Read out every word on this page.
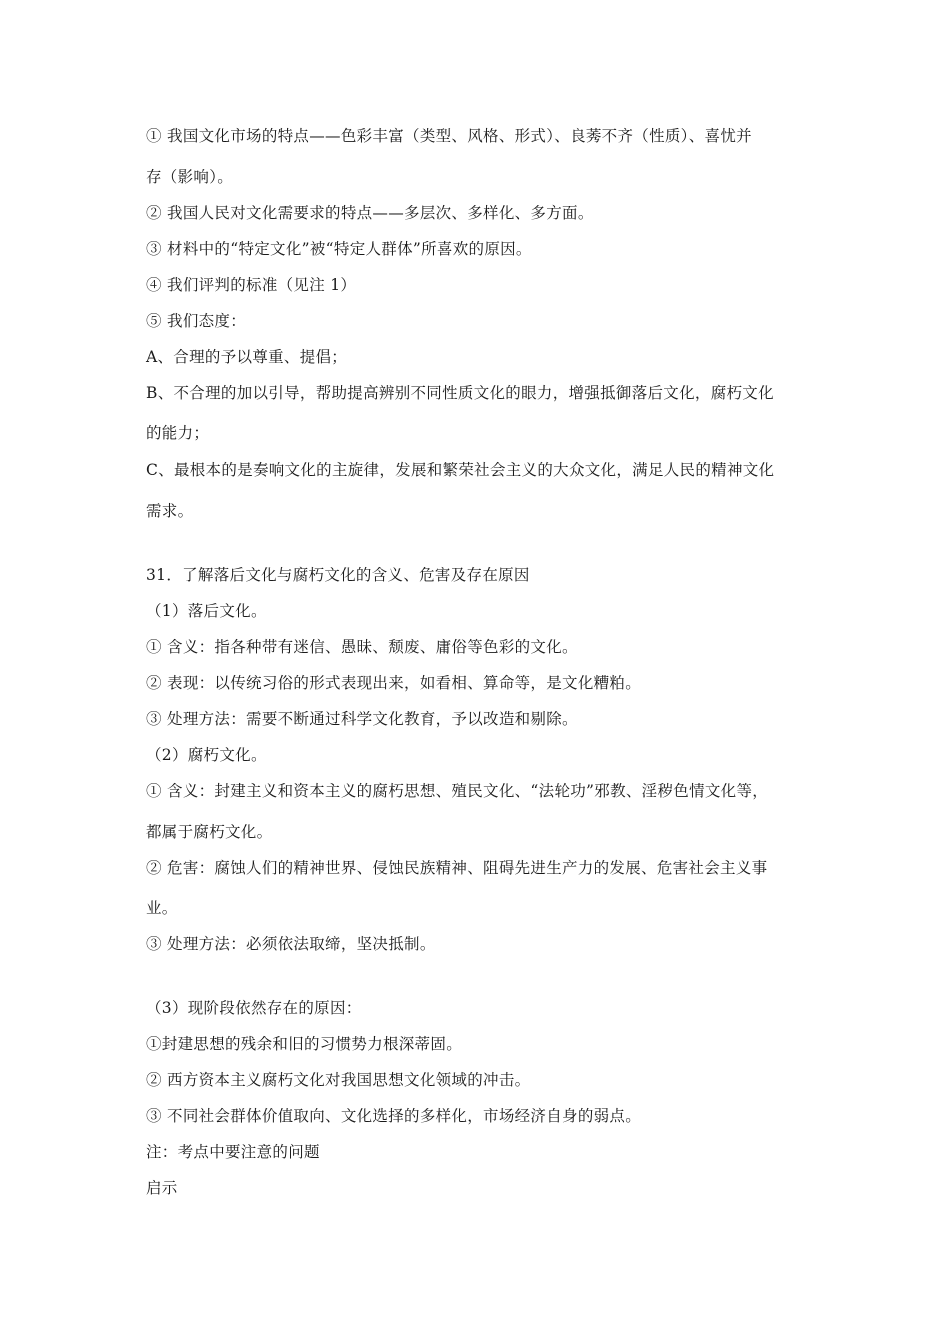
① 我国文化市场的特点——色彩丰富（类型、风格、形式）、良莠不齐（性质）、喜忧并
存（影响）。
② 我国人民对文化需要求的特点——多层次、多样化、多方面。
③ 材料中的“特定文化”被“特定人群体”所喜欢的原因。
④ 我们评判的标准（见注 1）
⑤ 我们态度：
A、合理的予以尊重、提倡；
B、不合理的加以引导，帮助提高辨别不同性质文化的眼力，增强抵御落后文化，腐朽文化
的能力；
C、最根本的是奏响文化的主旋律，发展和繁荣社会主义的大众文化，满足人民的精神文化
需求。
31．了解落后文化与腐朽文化的含义、危害及存在原因
（1）落后文化。
① 含义：指各种带有迷信、愚昧、颓废、庸俗等色彩的文化。
② 表现：以传统习俗的形式表现出来，如看相、算命等，是文化糟粕。
③ 处理方法：需要不断通过科学文化教育，予以改造和剔除。
（2）腐朽文化。
① 含义：封建主义和资本主义的腐朽思想、殖民文化、“法轮功”邪教、淫秽色情文化等，
都属于腐朽文化。
② 危害：腐蚀人们的精神世界、侵蚀民族精神、阻碍先进生产力的发展、危害社会主义事
业。
③ 处理方法：必须依法取缔，坚决抵制。
（3）现阶段依然存在的原因：
①封建思想的残余和旧的习惯势力根深蒂固。
② 西方资本主义腐朽文化对我国思想文化领域的冲击。
③ 不同社会群体价值取向、文化选择的多样化，市场经济自身的弱点。
注：考点中要注意的问题
启示
